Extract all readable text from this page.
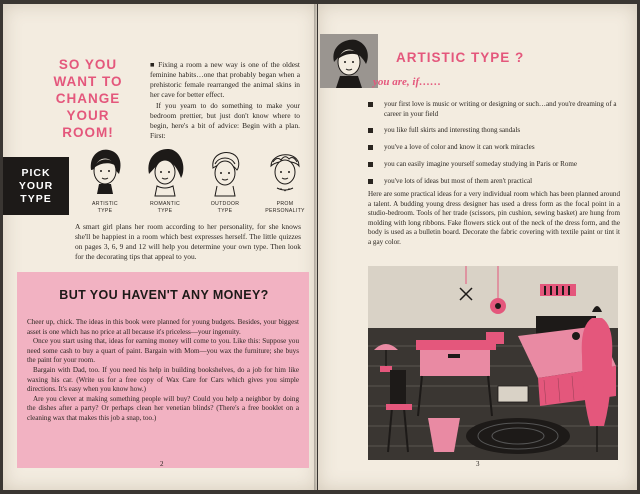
SO YOU
WANT TO
CHANGE YOUR
ROOM!

■ Fixing a room a new way is one of the oldest feminine habits…one that probably began when a prehistoric female rearranged the animal skins in her cave for better effect.

If you yearn to do something to make your bedroom prettier, but just don't know where to begin, here's a bit of advice: Begin with a plan. First:

PICK
YOUR
TYPE	ARTISTIC
TYPE
ROMANTIC
TYPE
OUTDOOR
TYPE
PROM
PERSONALITY

A smart girl plans her room according to her personality, for she knows she'll be happiest in a room which best expresses herself. The little quizzes on pages 3, 6, 9 and 12 will help you determine your own type. Then look for the decorating tips that appeal to you.

BUT YOU HAVEN'T ANY MONEY?

Cheer up, chick. The ideas in this book were planned for young budgets. Besides, your biggest asset is one which has no price at all because it's priceless—your ingenuity.

Once you start using that, ideas for earning money will come to you. Like this: Suppose you need some cash to buy a quart of paint. Bargain with Mom—you wax the furniture; she buys the paint for your room.

Bargain with Dad, too. If you need his help in building bookshelves, do a job for him like waxing his car. (Write us for a free copy of Wax Care for Cars which gives you simple directions. It's easy when you know how.)

Are you clever at making something people will buy? Could you help a neighbor by doing the dishes after a party? Or perhaps clean her venetian blinds? (There's a free booklet on a cleaning wax that makes this job a snap, too.)

2
ARTISTIC TYPE ?
you are, if……
your first love is music or writing or designing or such…and you're dreaming of a career in your field
you like full skirts and interesting thong sandals
you've a love of color and know it can work miracles
you can easily imagine yourself someday studying in Paris or Rome
you've lots of ideas but most of them aren't practical

Here are some practical ideas for a very individual room which has been planned around a talent. A budding young dress designer has used a dress form as the focal point in a studio-bedroom. Tools of her trade (scissors, pin cushion, sewing basket) are hung from molding with long ribbons. Fake flowers stick out of the neck of the dress form, and the body is used as a bulletin board. Decorate the fabric covering with textile paint or tint it a gay color.

3
